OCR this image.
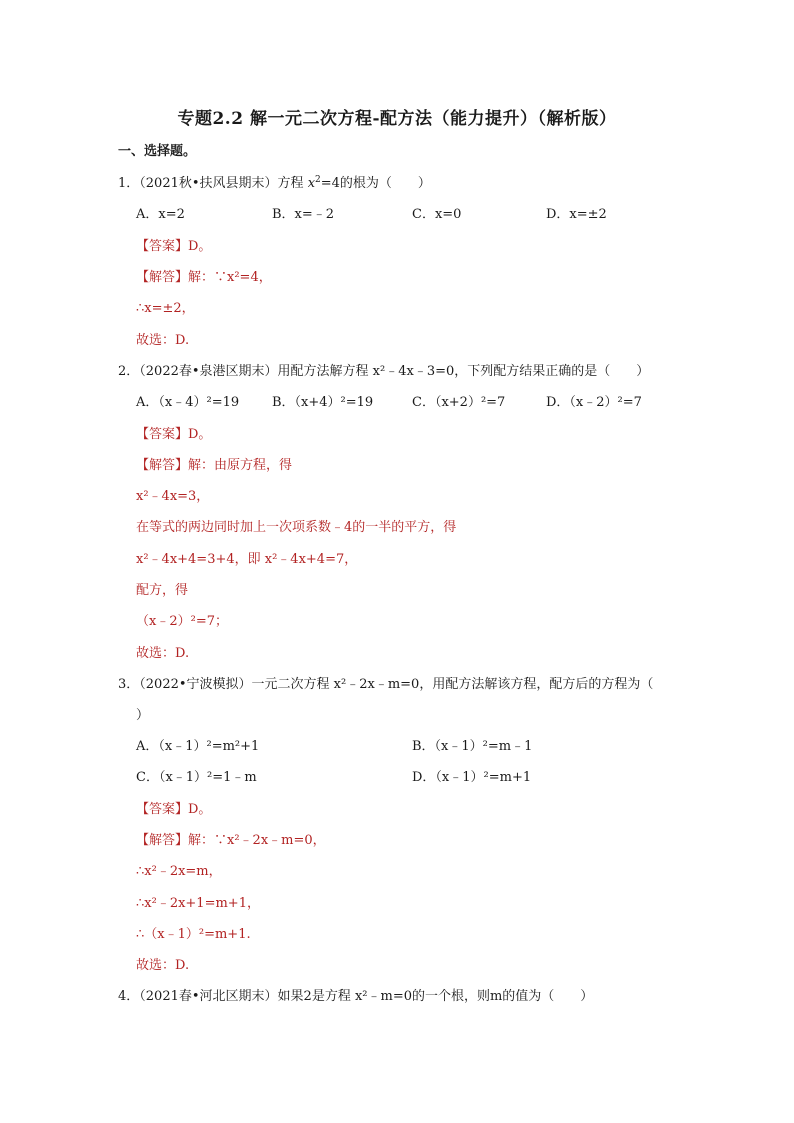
专题2.2 解一元二次方程-配方法（能力提升）（解析版）
一、选择题。
1．（2021秋•扶风县期末）方程 $x^2=4$的根为（　　）
A．x=2	B．x=﹣2	C．x=0	D．x=±2
【答案】D。
【解答】解：∵x²=4，
∴x=±2，
故选：D.
2．（2022春•泉港区期末）用配方法解方程 x²﹣4x﹣3=0，下列配方结果正确的是（　　）
A．（x﹣4）²=19	B．（x+4）²=19	C．（x+2）²=7	D．（x﹣2）²=7
【答案】D。
【解答】解：由原方程，得
x²﹣4x=3，
在等式的两边同时加上一次项系数﹣4的一半的平方，得
x²﹣4x+4=3+4，即 x²﹣4x+4=7，
配方，得
（x﹣2）²=7；
故选：D.
3．（2022•宁波模拟）一元二次方程 x²﹣2x﹣m=0，用配方法解该方程，配方后的方程为（
）
A．（x﹣1）²=m²+1	B．（x﹣1）²=m﹣1
C．（x﹣1）²=1﹣m	D．（x﹣1）²=m+1
【答案】D。
【解答】解：∵x²﹣2x﹣m=0，
∴x²﹣2x=m，
∴x²﹣2x+1=m+1，
∴（x﹣1）²=m+1.
故选：D.
4．（2021春•河北区期末）如果2是方程 x²﹣m=0的一个根，则m的值为（　　）
